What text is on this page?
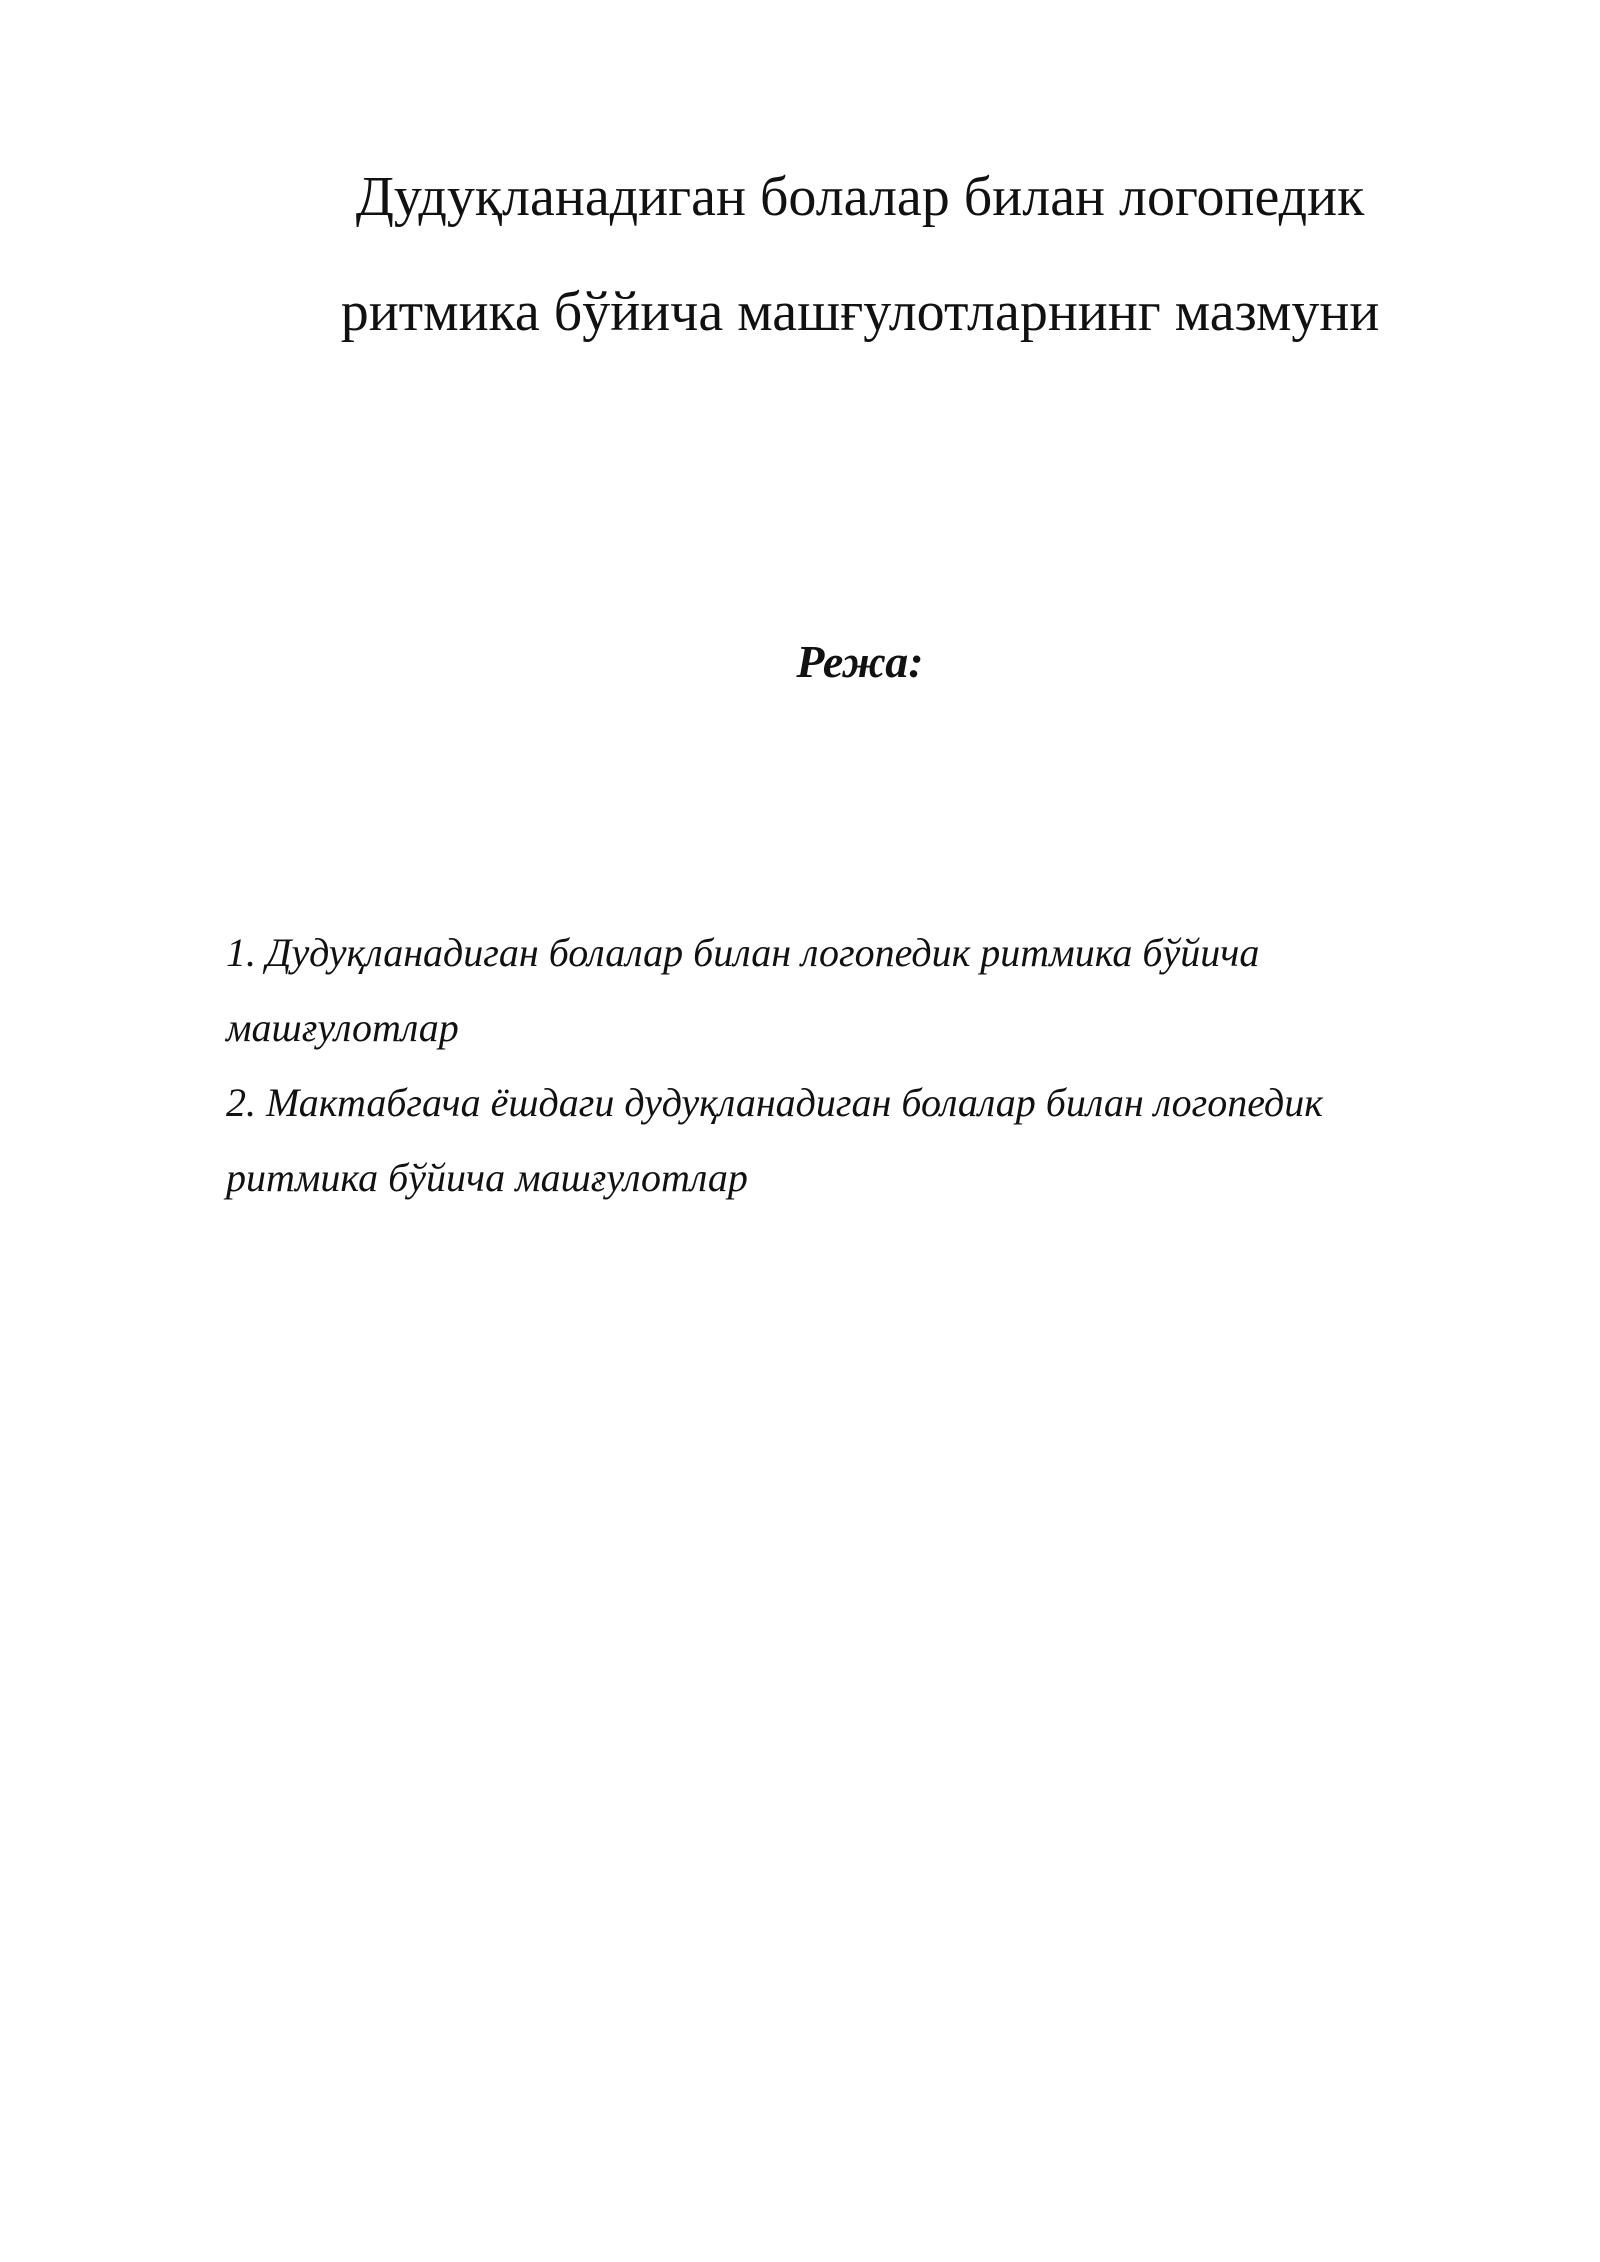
Дудуқланадиган болалар билан логопедик
ритмика бўйича машғулотларнинг мазмуни
Режа:

1. Дудуқланадиган болалар билан логопедик ритмика бўйича
машғулотлар

2. Мактабгача ёшдаги дудуқланадиган болалар билан логопедик
ритмика бўйича машғулотлар
